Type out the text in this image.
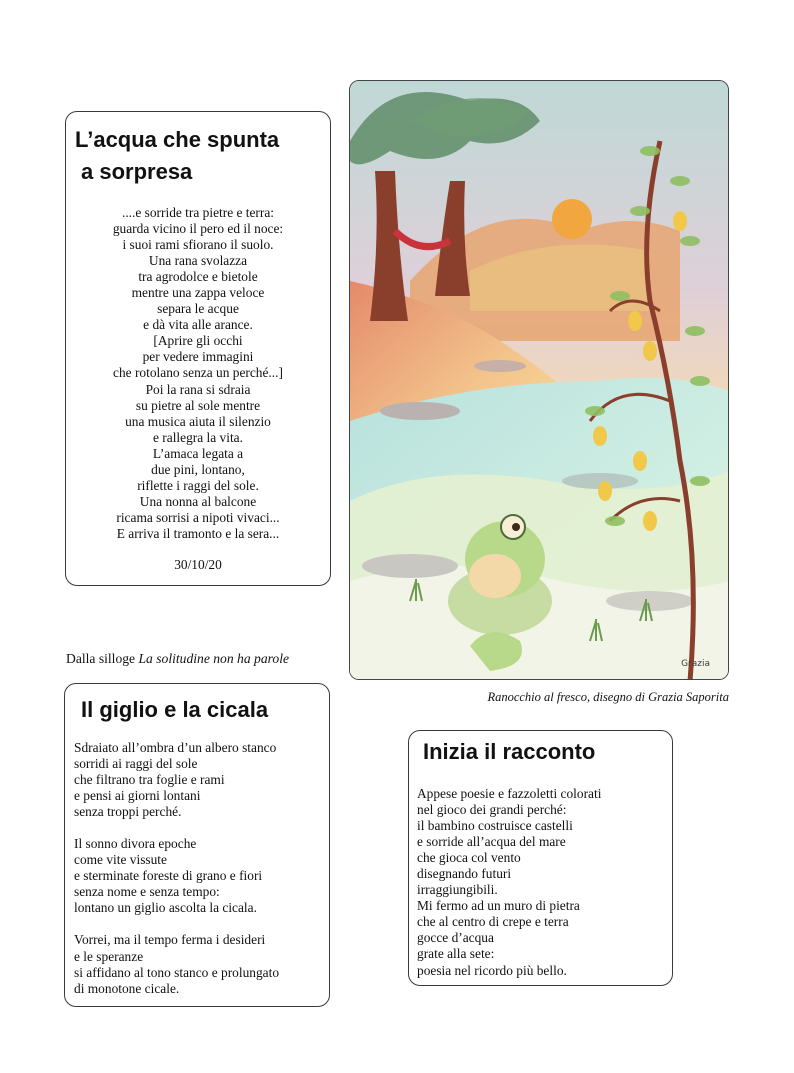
L’acqua che spunta
a sorpresa
....e sorride tra pietre e terra:
guarda vicino il pero ed il noce:
i suoi rami sfiorano il suolo.
Una rana svolazza
tra agrodolce e bietole
mentre una zappa veloce
separa le acque
e dà vita alle arance.
[Aprire gli occhi
per vedere immagini
che rotolano senza un perché...]
Poi la rana si sdraia
su pietre al sole mentre
una musica aiuta il silenzio
e rallegra la vita.
L’amaca legata a
due pini, lontano,
riflette i raggi del sole.
Una nonna al balcone
ricama sorrisi a nipoti vivaci...
E arriva il tramonto e la sera...
30/10/20
Dalla silloge La solitudine non ha parole	Grazia
Ranocchio al fresco, disegno di Grazia Saporita
Il giglio e la cicala
Sdraiato all’ombra d’un albero stanco
sorridi ai raggi del sole
che filtrano tra foglie e rami
e pensi ai giorni lontani
senza troppi perché.
Il sonno divora epoche
come vite vissute
e sterminate foreste di grano e fiori
senza nome e senza tempo:
lontano un giglio ascolta la cicala.
Vorrei, ma il tempo ferma i desideri
e le speranze
si affidano al tono stanco e prolungato
di monotone cicale.
Inizia il racconto
Appese poesie e fazzoletti colorati
nel gioco dei grandi perché:
il bambino costruisce castelli
e sorride all’acqua del mare
che gioca col vento
disegnando futuri
irraggiungibili.
Mi fermo ad un muro di pietra
che al centro di crepe e terra
gocce d’acqua
grate alla sete:
poesia nel ricordo più bello.
